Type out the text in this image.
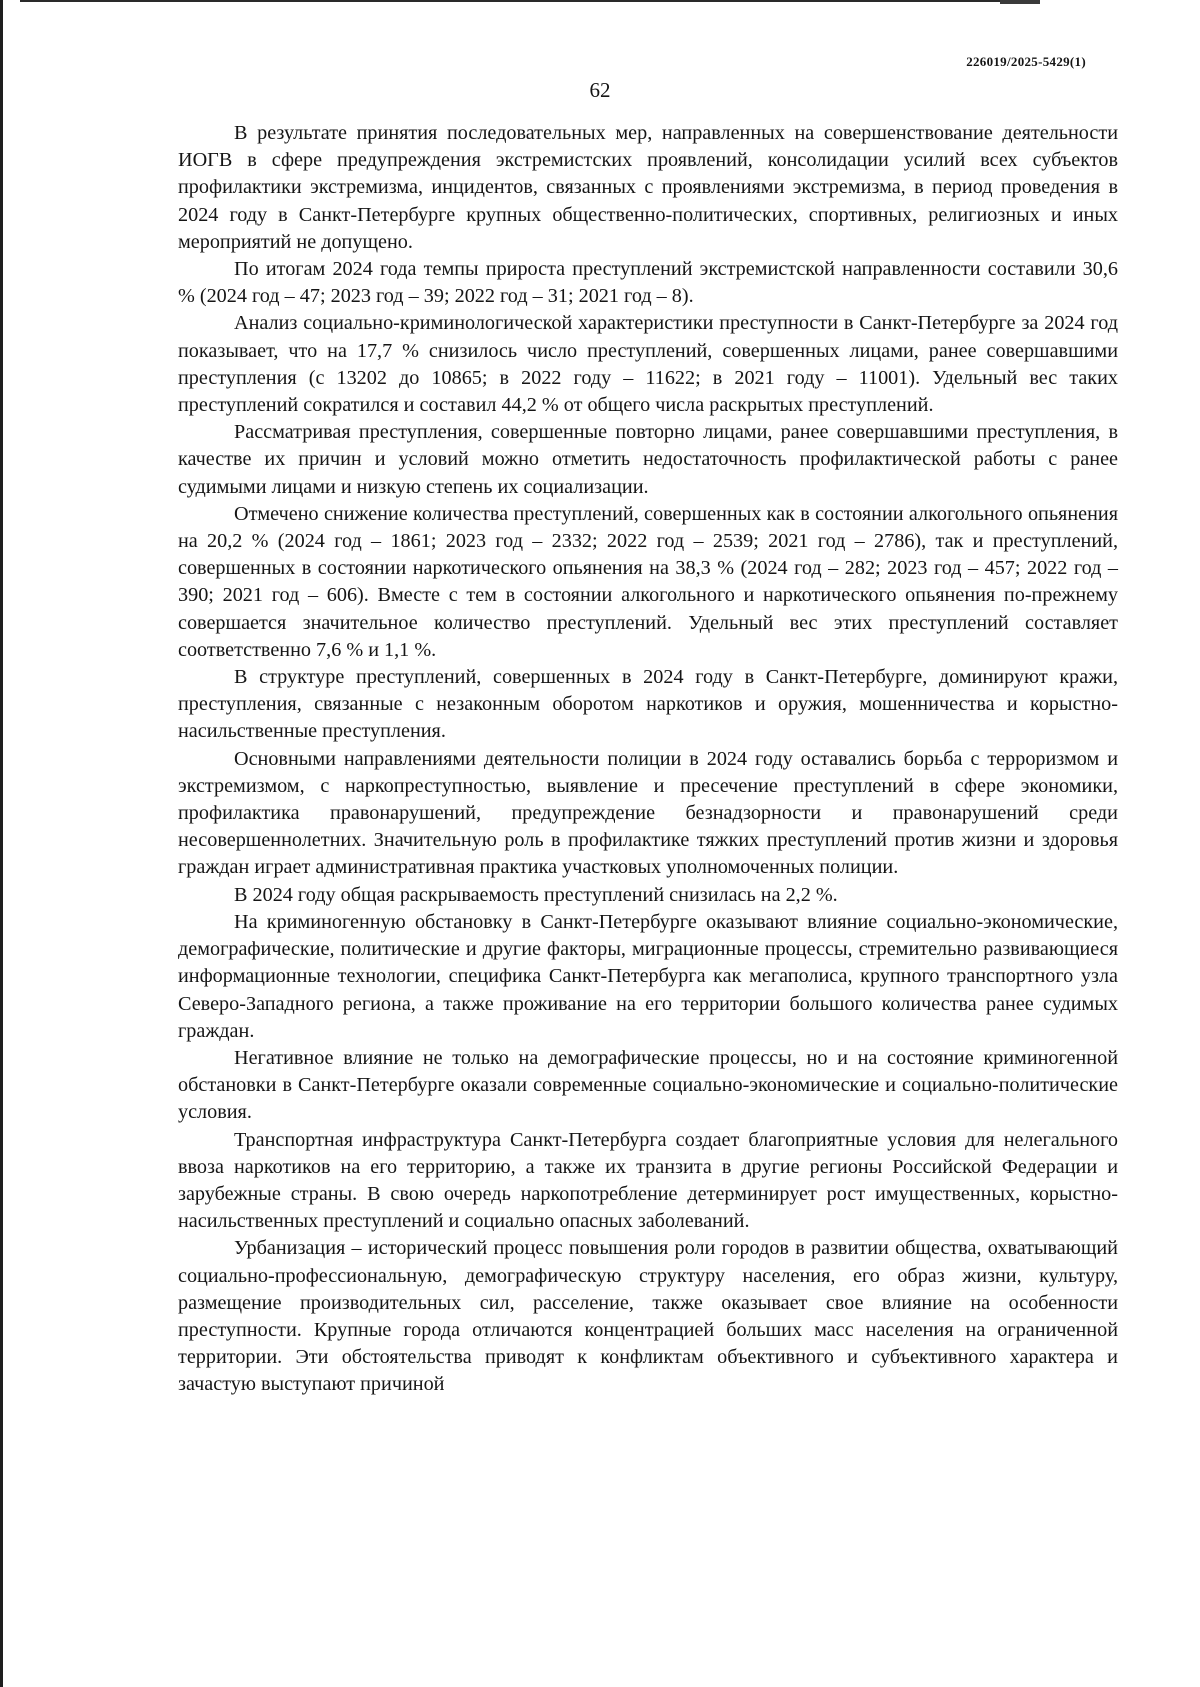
226019/2025-5429(1)
62

В результате принятия последовательных мер, направленных на совершенствование деятельности ИОГВ в сфере предупреждения экстремистских проявлений, консолидации усилий всех субъектов профилактики экстремизма, инцидентов, связанных с проявлениями экстремизма, в период проведения в 2024 году в Санкт-Петербурге крупных общественно-политических, спортивных, религиозных и иных мероприятий не допущено.

По итогам 2024 года темпы прироста преступлений экстремистской направленности составили 30,6 % (2024 год – 47; 2023 год – 39; 2022 год – 31; 2021 год – 8).

Анализ социально-криминологической характеристики преступности в Санкт-Петербурге за 2024 год показывает, что на 17,7 % снизилось число преступлений, совершенных лицами, ранее совершавшими преступления (с 13202 до 10865; в 2022 году – 11622; в 2021 году – 11001). Удельный вес таких преступлений сократился и составил 44,2 % от общего числа раскрытых преступлений.

Рассматривая преступления, совершенные повторно лицами, ранее совершавшими преступления, в качестве их причин и условий можно отметить недостаточность профилактической работы с ранее судимыми лицами и низкую степень их социализации.

Отмечено снижение количества преступлений, совершенных как в состоянии алкогольного опьянения на 20,2 % (2024 год – 1861; 2023 год – 2332; 2022 год – 2539; 2021 год – 2786), так и преступлений, совершенных в состоянии наркотического опьянения на 38,3 % (2024 год – 282; 2023 год – 457; 2022 год – 390; 2021 год – 606). Вместе с тем в состоянии алкогольного и наркотического опьянения по-прежнему совершается значительное количество преступлений. Удельный вес этих преступлений составляет соответственно 7,6 % и 1,1 %.

В структуре преступлений, совершенных в 2024 году в Санкт-Петербурге, доминируют кражи, преступления, связанные с незаконным оборотом наркотиков и оружия, мошенничества и корыстно-насильственные преступления.

Основными направлениями деятельности полиции в 2024 году оставались борьба с терроризмом и экстремизмом, с наркопреступностью, выявление и пресечение преступлений в сфере экономики, профилактика правонарушений, предупреждение безнадзорности и правонарушений среди несовершеннолетних. Значительную роль в профилактике тяжких преступлений против жизни и здоровья граждан играет административная практика участковых уполномоченных полиции.

В 2024 году общая раскрываемость преступлений снизилась на 2,2 %.

На криминогенную обстановку в Санкт-Петербурге оказывают влияние социально-экономические, демографические, политические и другие факторы, миграционные процессы, стремительно развивающиеся информационные технологии, специфика Санкт-Петербурга как мегаполиса, крупного транспортного узла Северо-Западного региона, а также проживание на его территории большого количества ранее судимых граждан.

Негативное влияние не только на демографические процессы, но и на состояние криминогенной обстановки в Санкт-Петербурге оказали современные социально-экономические и социально-политические условия.

Транспортная инфраструктура Санкт-Петербурга создает благоприятные условия для нелегального ввоза наркотиков на его территорию, а также их транзита в другие регионы Российской Федерации и зарубежные страны. В свою очередь наркопотребление детерминирует рост имущественных, корыстно-насильственных преступлений и социально опасных заболеваний.

Урбанизация – исторический процесс повышения роли городов в развитии общества, охватывающий социально-профессиональную, демографическую структуру населения, его образ жизни, культуру, размещение производительных сил, расселение, также оказывает свое влияние на особенности преступности. Крупные города отличаются концентрацией больших масс населения на ограниченной территории. Эти обстоятельства приводят к конфликтам объективного и субъективного характера и зачастую выступают причиной
